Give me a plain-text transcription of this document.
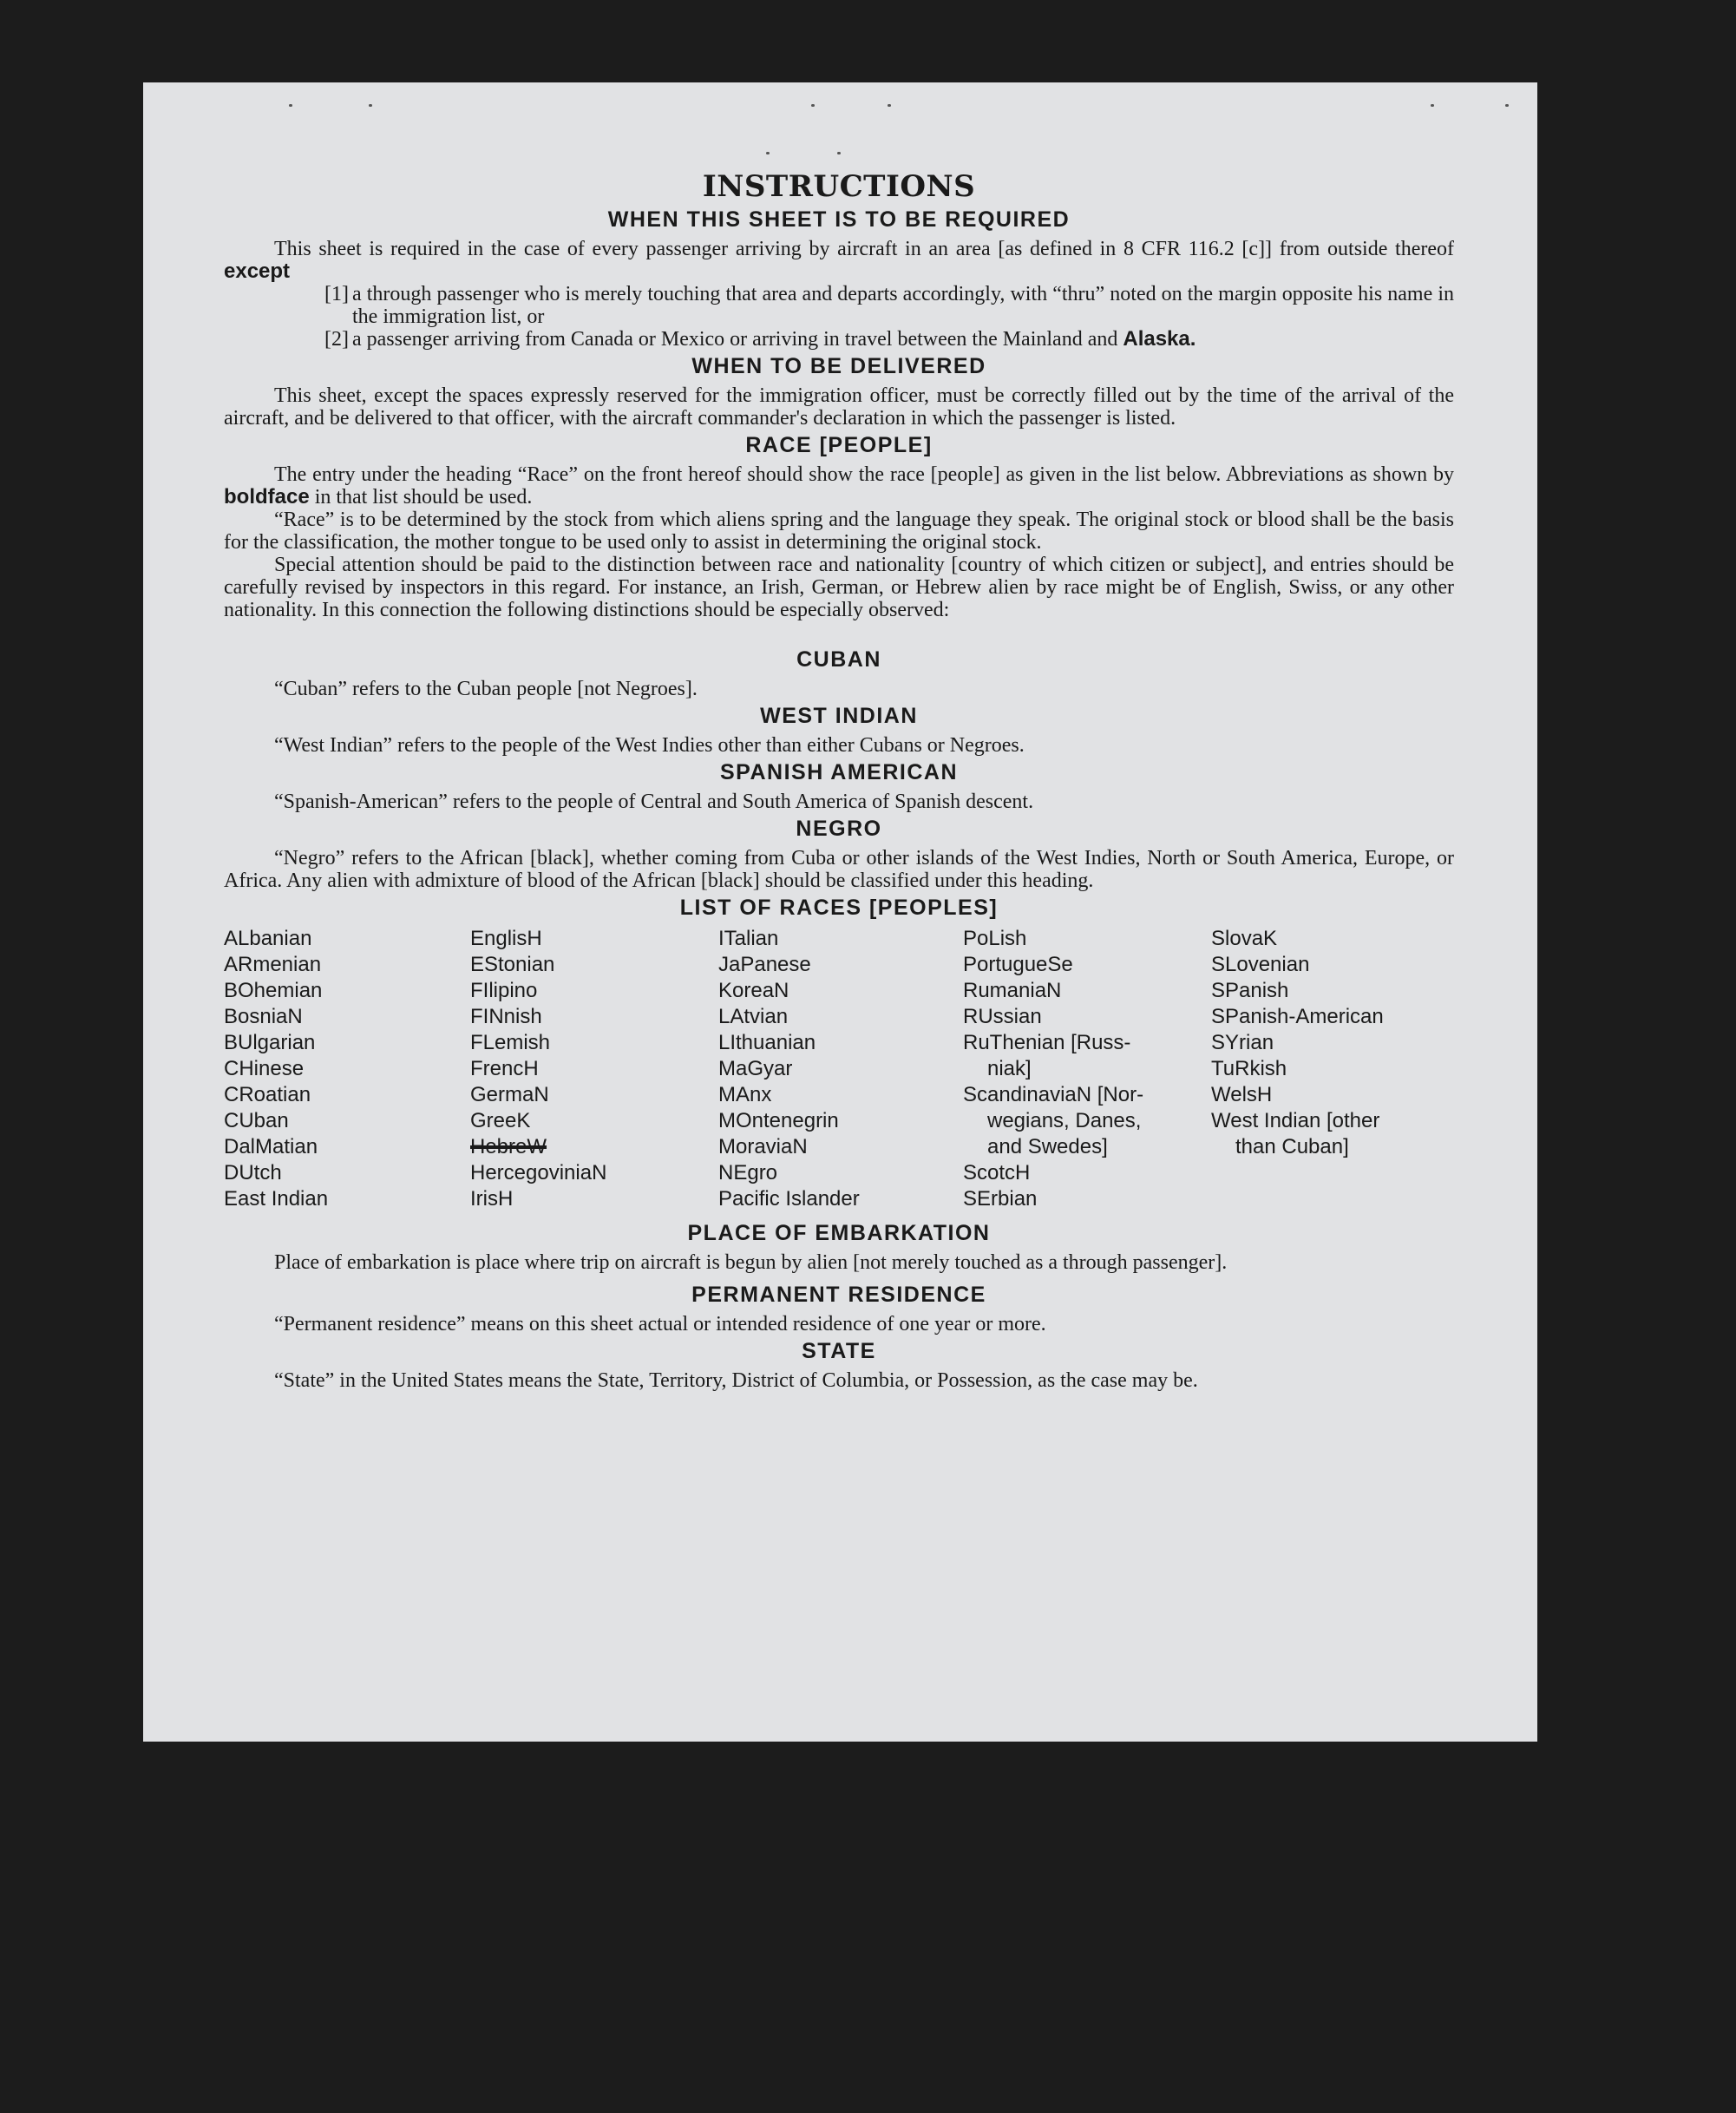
INSTRUCTIONS
WHEN THIS SHEET IS TO BE REQUIRED

This sheet is required in the case of every passenger arriving by aircraft in an area [as defined in 8 CFR 116.2 [c]] from outside thereof except

[1] a through passenger who is merely touching that area and departs accordingly, with “thru” noted on the margin opposite his name in the immigration list, or
[2] a passenger arriving from Canada or Mexico or arriving in travel between the Mainland and Alaska.
WHEN TO BE DELIVERED

This sheet, except the spaces expressly reserved for the immigration officer, must be correctly filled out by the time of the arrival of the aircraft, and be delivered to that officer, with the aircraft commander's declaration in which the passenger is listed.

RACE [PEOPLE]

The entry under the heading “Race” on the front hereof should show the race [people] as given in the list below. Abbreviations as shown by boldface in that list should be used.

“Race” is to be determined by the stock from which aliens spring and the language they speak. The original stock or blood shall be the basis for the classification, the mother tongue to be used only to assist in determining the original stock.

Special attention should be paid to the distinction between race and nationality [country of which citizen or subject], and entries should be carefully revised by inspectors in this regard. For instance, an Irish, German, or Hebrew alien by race might be of English, Swiss, or any other nationality. In this connection the following distinctions should be especially observed:

CUBAN

“Cuban” refers to the Cuban people [not Negroes].

WEST INDIAN

“West Indian” refers to the people of the West Indies other than either Cubans or Negroes.

SPANISH AMERICAN

“Spanish-American” refers to the people of Central and South America of Spanish descent.

NEGRO

“Negro” refers to the African [black], whether coming from Cuba or other islands of the West Indies, North or South America, Europe, or Africa. Any alien with admixture of blood of the African [black] should be classified under this heading.

LIST OF RACES [PEOPLES]
ALbanian
ARmenian
BOhemian
BosniaN
BUlgarian
CHinese
CRoatian
CUban
DalMatian
DUtch
East Indian
EnglisH
EStonian
FIlipino
FINnish
FLemish
FrencH
GermaN
GreeK
HebreW
HercegoviniaN
IrisH
ITalian
JaPanese
KoreaN
LAtvian
LIthuanian
MaGyar
MAnx
MOntenegrin
MoraviaN
NEgro
Pacific Islander
PoLish
PortugueSe
RumaniaN
RUssian
RuThenian [Russ-
niak]
ScandinaviaN [Nor-
wegians, Danes,
and Swedes]
ScotcH
SErbian
SlovaK
SLovenian
SPanish
SPanish-American
SYrian
TuRkish
WelsH
West Indian [other
than Cuban]
PLACE OF EMBARKATION

Place of embarkation is place where trip on aircraft is begun by alien [not merely touched as a through passenger].

PERMANENT RESIDENCE

“Permanent residence” means on this sheet actual or intended residence of one year or more.

STATE

“State” in the United States means the State, Territory, District of Columbia, or Possession, as the case may be.
